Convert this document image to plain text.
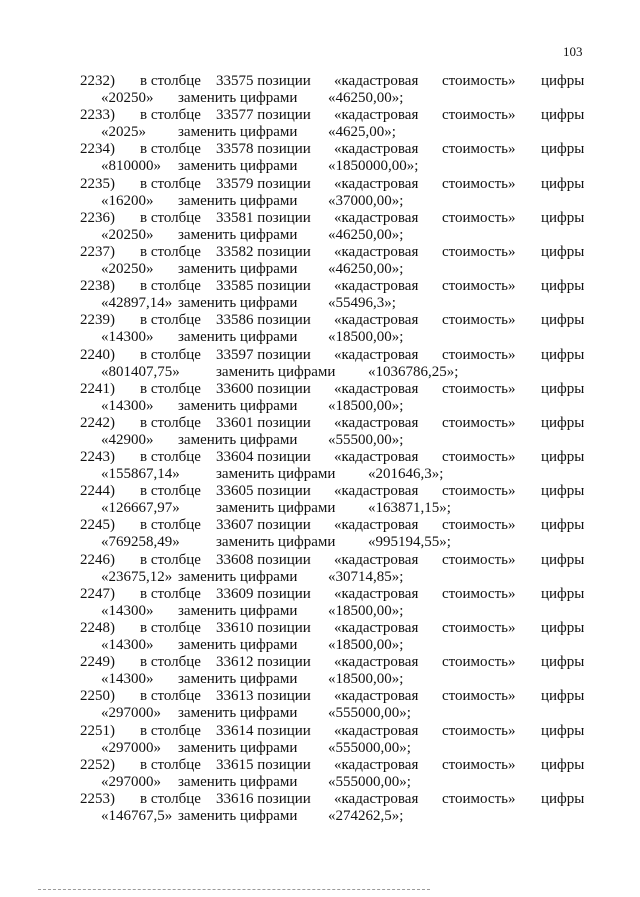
103
2232) в столбце 33575 позиции «кадастровая стоимость» цифры
«20250» заменить цифрами «46250,00»;
2233) в столбце 33577 позиции «кадастровая стоимость» цифры
«2025» заменить цифрами «4625,00»;
2234) в столбце 33578 позиции «кадастровая стоимость» цифры
«810000» заменить цифрами «1850000,00»;
2235) в столбце 33579 позиции «кадастровая стоимость» цифры
«16200» заменить цифрами «37000,00»;
2236) в столбце 33581 позиции «кадастровая стоимость» цифры
«20250» заменить цифрами «46250,00»;
2237) в столбце 33582 позиции «кадастровая стоимость» цифры
«20250» заменить цифрами «46250,00»;
2238) в столбце 33585 позиции «кадастровая стоимость» цифры
«42897,14» заменить цифрами «55496,3»;
2239) в столбце 33586 позиции «кадастровая стоимость» цифры
«14300» заменить цифрами «18500,00»;
2240) в столбце 33597 позиции «кадастровая стоимость» цифры
«801407,75» заменить цифрами «1036786,25»;
2241) в столбце 33600 позиции «кадастровая стоимость» цифры
«14300» заменить цифрами «18500,00»;
2242) в столбце 33601 позиции «кадастровая стоимость» цифры
«42900» заменить цифрами «55500,00»;
2243) в столбце 33604 позиции «кадастровая стоимость» цифры
«155867,14» заменить цифрами «201646,3»;
2244) в столбце 33605 позиции «кадастровая стоимость» цифры
«126667,97» заменить цифрами «163871,15»;
2245) в столбце 33607 позиции «кадастровая стоимость» цифры
«769258,49» заменить цифрами «995194,55»;
2246) в столбце 33608 позиции «кадастровая стоимость» цифры
«23675,12» заменить цифрами «30714,85»;
2247) в столбце 33609 позиции «кадастровая стоимость» цифры
«14300» заменить цифрами «18500,00»;
2248) в столбце 33610 позиции «кадастровая стоимость» цифры
«14300» заменить цифрами «18500,00»;
2249) в столбце 33612 позиции «кадастровая стоимость» цифры
«14300» заменить цифрами «18500,00»;
2250) в столбце 33613 позиции «кадастровая стоимость» цифры
«297000» заменить цифрами «555000,00»;
2251) в столбце 33614 позиции «кадастровая стоимость» цифры
«297000» заменить цифрами «555000,00»;
2252) в столбце 33615 позиции «кадастровая стоимость» цифры
«297000» заменить цифрами «555000,00»;
2253) в столбце 33616 позиции «кадастровая стоимость» цифры
«146767,5» заменить цифрами «274262,5»;
